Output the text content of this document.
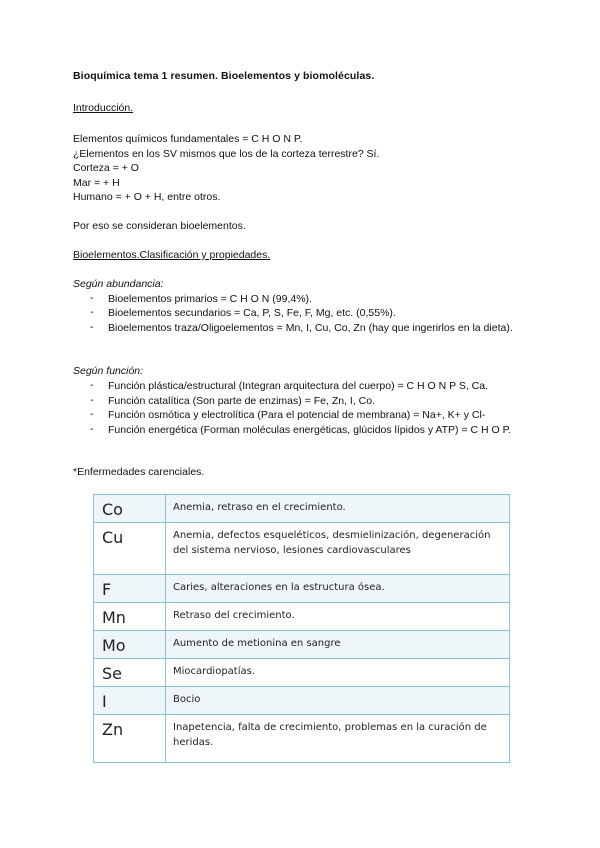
Bioquímica tema 1 resumen. Bioelementos y biomoléculas.
Introducción.
Elementos químicos fundamentales = C H O N P.
¿Elementos en los SV mismos que los de la corteza terrestre? Sí.
Corteza = + O
Mar = + H
Humano = + O + H, entre otros.
Por eso se consideran bioelementos.
Bioelementos.Clasificación y propiedades.
Según abundancia:
- Bioelementos primarios = C H O N (99,4%).
- Bioelementos secundarios = Ca, P, S, Fe, F, Mg, etc. (0,55%).
- Bioelementos traza/Oligoelementos = Mn, I, Cu, Co, Zn (hay que ingerirlos en la dieta).
Según función:
- Función plástica/estructural (Integran arquitectura del cuerpo) = C H O N P S, Ca.
- Función catalítica (Son parte de enzimas) = Fe, Zn, I, Co.
- Función osmótica y electrolítica (Para el potencial de membrana) = Na+, K+ y Cl-
- Función energética (Forman moléculas energéticas, glúcidos lípidos y ATP) = C H O P.
*Enfermedades carenciales.
Co	Anemia, retraso en el crecimiento.
Cu	Anemia, defectos esqueléticos, desmielinización, degeneración del sistema nervioso, lesiones cardiovasculares
F	Caries, alteraciones en la estructura ósea.
Mn	Retraso del crecimiento.
Mo	Aumento de metionina en sangre
Se	Miocardiopatías.
I	Bocio
Zn	Inapetencia, falta de crecimiento, problemas en la curación de heridas.
